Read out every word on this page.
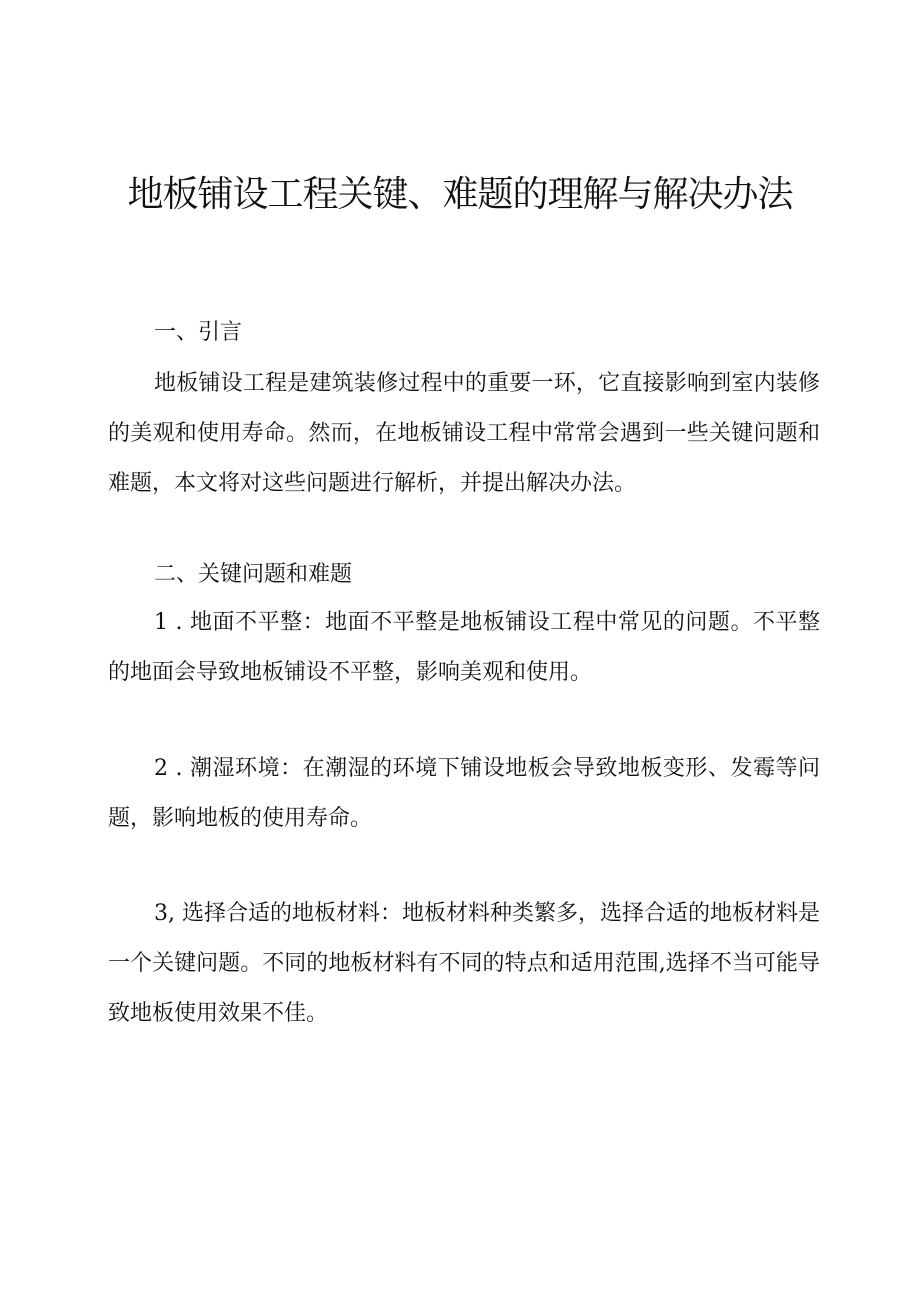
地板铺设工程关键、难题的理解与解决办法

一、引言

地板铺设工程是建筑装修过程中的重要一环，它直接影响到室内装修的美观和使用寿命。然而，在地板铺设工程中常常会遇到一些关键问题和难题，本文将对这些问题进行解析，并提出解决办法。

二、关键问题和难题

1 . 地面不平整：地面不平整是地板铺设工程中常见的问题。不平整的地面会导致地板铺设不平整，影响美观和使用。

2 . 潮湿环境：在潮湿的环境下铺设地板会导致地板变形、发霉等问题，影响地板的使用寿命。

3, 选择合适的地板材料：地板材料种类繁多，选择合适的地板材料是一个关键问题。不同的地板材料有不同的特点和适用范围,选择不当可能导致地板使用效果不佳。
